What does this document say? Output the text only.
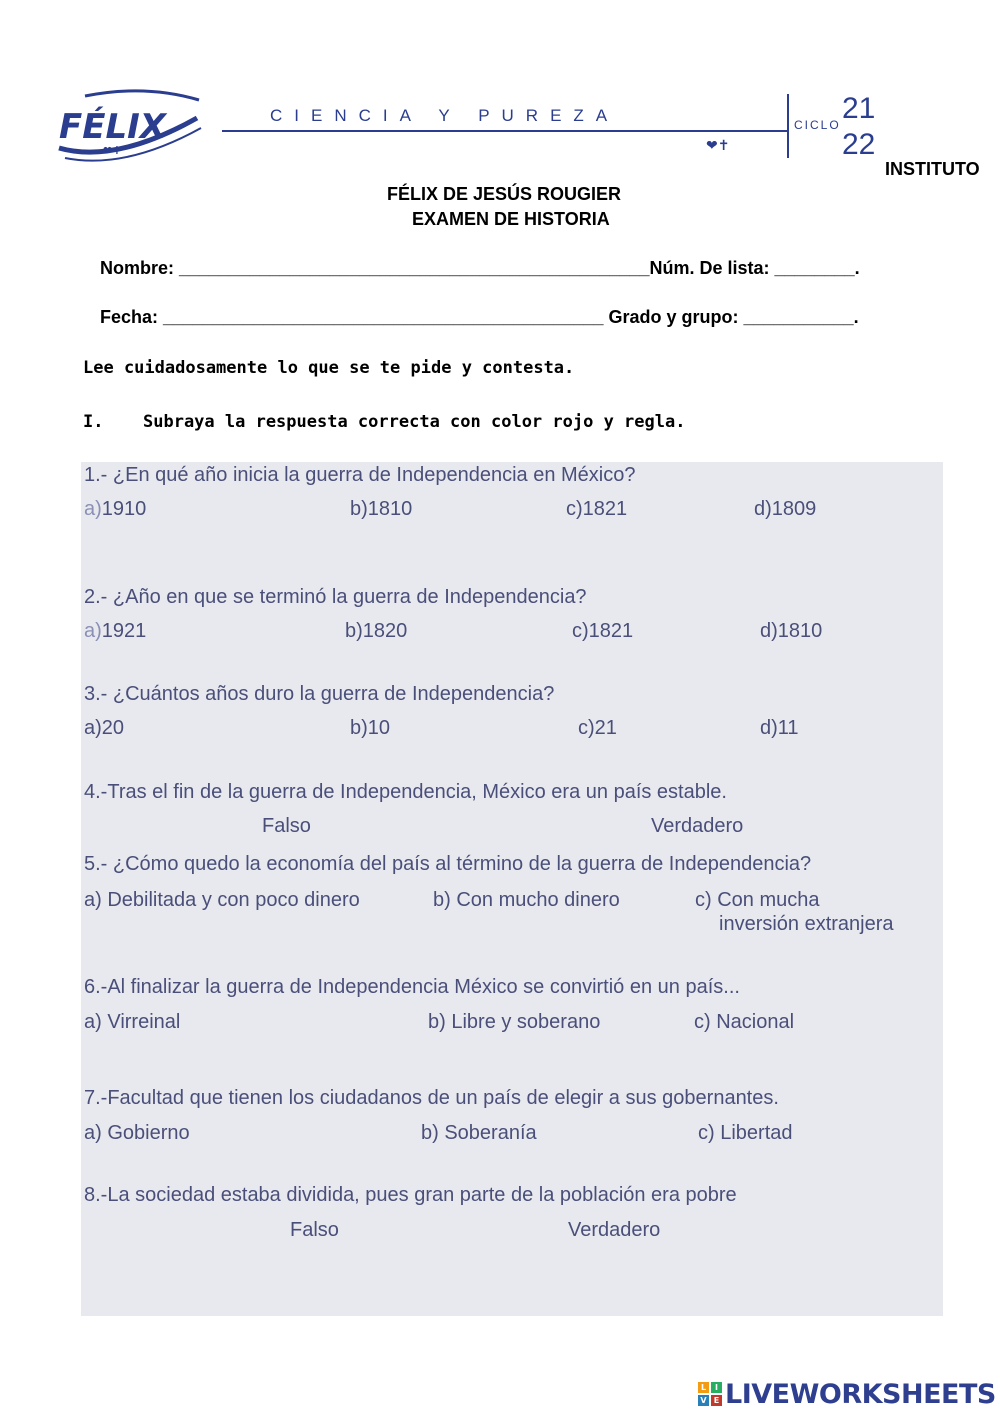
FÉLIX
❤✝
CIENCIA Y PUREZA
❤✝
CICLO 21
22
INSTITUTO
FÉLIX DE JESÚS ROUGIER
EXAMEN DE HISTORIA
Nombre: _______________________________________________Núm. De lista: ________.
Fecha: ____________________________________________ Grado y grupo: ___________.
Lee cuidadosamente lo que se te pide y contesta.
I. Subraya la respuesta correcta con color rojo y regla.
1.- ¿En qué año inicia la guerra de Independencia en México?
a)1910	b)1810	c)1821	d)1809
2.- ¿Año en que se terminó la guerra de Independencia?
a)1921	b)1820	c)1821	d)1810
3.- ¿Cuántos años duro la guerra de Independencia?
a)20	b)10	c)21	d)11
4.-Tras el fin de la guerra de Independencia, México era un país estable.
Falso	Verdadero
5.- ¿Cómo quedo la economía del país al término de la guerra de Independencia?
a) Debilitada y con poco dinero	b) Con mucho dinero	c) Con mucha
inversión extranjera
6.-Al finalizar la guerra de Independencia México se convirtió en un país...
a) Virreinal	b) Libre y soberano	c) Nacional
7.-Facultad que tienen los ciudadanos de un país de elegir a sus gobernantes.
a) Gobierno	b) Soberanía	c) Libertad
8.-La sociedad estaba dividida, pues gran parte de la población era pobre
Falso	Verdadero
L	I
V E LIVEWORKSHEETS
